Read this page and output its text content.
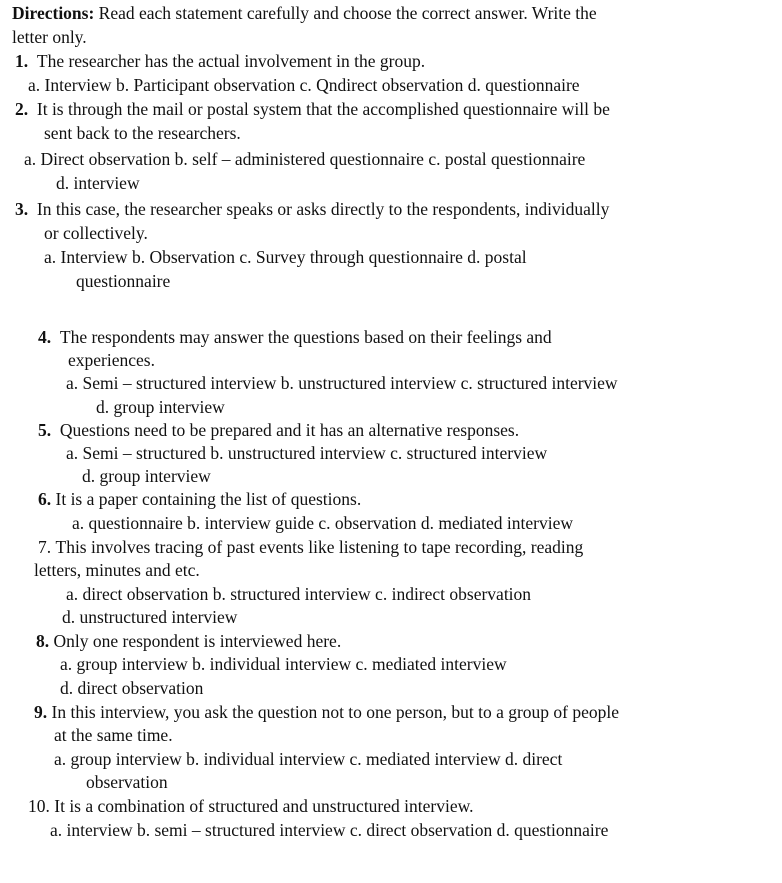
Directions: Read each statement carefully and choose the correct answer. Write the
letter only.
1. The researcher has the actual involvement in the group.
a. Interview b. Participant observation c. Qndirect observation d. questionnaire
2. It is through the mail or postal system that the accomplished questionnaire will be
sent back to the researchers.
a. Direct observation b. self – administered questionnaire c. postal questionnaire
d. interview
3. In this case, the researcher speaks or asks directly to the respondents, individually
or collectively.
a. Interview b. Observation c. Survey through questionnaire d. postal
questionnaire
4. The respondents may answer the questions based on their feelings and
experiences.
a. Semi – structured interview b. unstructured interview c. structured interview
d. group interview
5. Questions need to be prepared and it has an alternative responses.
a. Semi – structured b. unstructured interview c. structured interview
d. group interview
6. It is a paper containing the list of questions.
a. questionnaire b. interview guide c. observation d. mediated interview
7. This involves tracing of past events like listening to tape recording, reading
letters, minutes and etc.
a. direct observation b. structured interview c. indirect observation
d. unstructured interview
8. Only one respondent is interviewed here.
a. group interview b. individual interview c. mediated interview
d. direct observation
9. In this interview, you ask the question not to one person, but to a group of people
at the same time.
a. group interview b. individual interview c. mediated interview d. direct
observation
10. It is a combination of structured and unstructured interview.
a. interview b. semi – structured interview c. direct observation d. questionnaire
